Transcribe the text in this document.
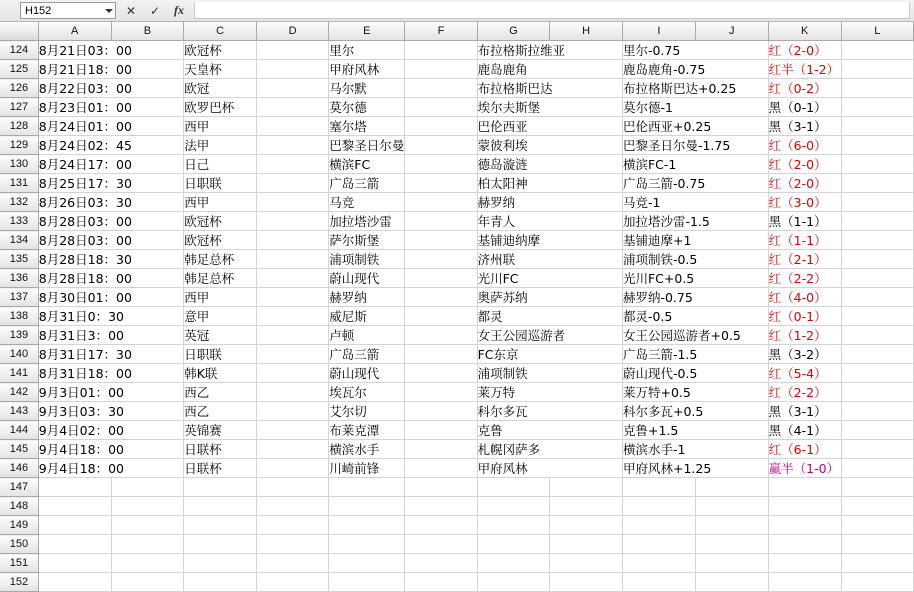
H152	✕	✓	fx
	A	B	C	D	E	F	G	H	I	J	K	L
124	8月21日03：00		欧冠杯		里尔		布拉格斯拉维亚		里尔-0.75		红（2-0）	
125	8月21日18：00		天皇杯		甲府风林		鹿岛鹿角		鹿岛鹿角-0.75		红半（1-2）	
126	8月22日03：00		欧冠		马尔默		布拉格斯巴达		布拉格斯巴达+0.25		红（0-2）	
127	8月23日01：00		欧罗巴杯		莫尔德		埃尔夫斯堡		莫尔德-1		黑（0-1）	
128	8月24日01：00		西甲		塞尔塔		巴伦西亚		巴伦西亚+0.25		黑（3-1）	
129	8月24日02：45		法甲		巴黎圣日尔曼		蒙彼利埃		巴黎圣日尔曼-1.75		红（6-0）	
130	8月24日17：00		日己		横滨FC		德岛漩涟		横滨FC-1		红（2-0）	
131	8月25日17：30		日职联		广岛三箭		柏太阳神		广岛三箭-0.75		红（2-0）	
132	8月26日03：30		西甲		马竞		赫罗纳		马竞-1		红（3-0）	
133	8月28日03：00		欧冠杯		加拉塔沙雷		年青人		加拉塔沙雷-1.5		黑（1-1）	
134	8月28日03：00		欧冠杯		萨尔斯堡		基铺迪纳摩		基铺迪摩+1		红（1-1）	
135	8月28日18：30		韩足总杯		浦项制铁		济州联		浦项制铁-0.5		红（2-1）	
136	8月28日18：00		韩足总杯		蔚山现代		光川FC		光川FC+0.5		红（2-2）	
137	8月30日01：00		西甲		赫罗纳		奥萨苏纳		赫罗纳-0.75		红（4-0）	
138	8月31日0：30		意甲		威尼斯		都灵		都灵-0.5		红（0-1）	
139	8月31日3：00		英冠		卢顿		女王公园巡游者		女王公园巡游者+0.5		红（1-2）	
140	8月31日17：30		日职联		广岛三箭		FC东京		广岛三箭-1.5		黑（3-2）	
141	8月31日18：00		韩K联		蔚山现代		浦项制铁		蔚山现代-0.5		红（5-4）	
142	9月3日01：00		西乙		埃瓦尔		莱万特		莱万特+0.5		红（2-2）	
143	9月3日03：30		西乙		艾尔切		科尔多瓦		科尔多瓦+0.5		黑（3-1）	
144	9月4日02：00		英锦赛		布莱克潭		克鲁		克鲁+1.5		黑（4-1）	
145	9月4日18：00		日联杯		横滨水手		札幌冈萨多		横滨水手-1		红（6-1）	
146	9月4日18：00		日联杯		川崎前锋		甲府风林		甲府风林+1.25		赢半（1-0）	
147												
148												
149												
150												
151												
152												
